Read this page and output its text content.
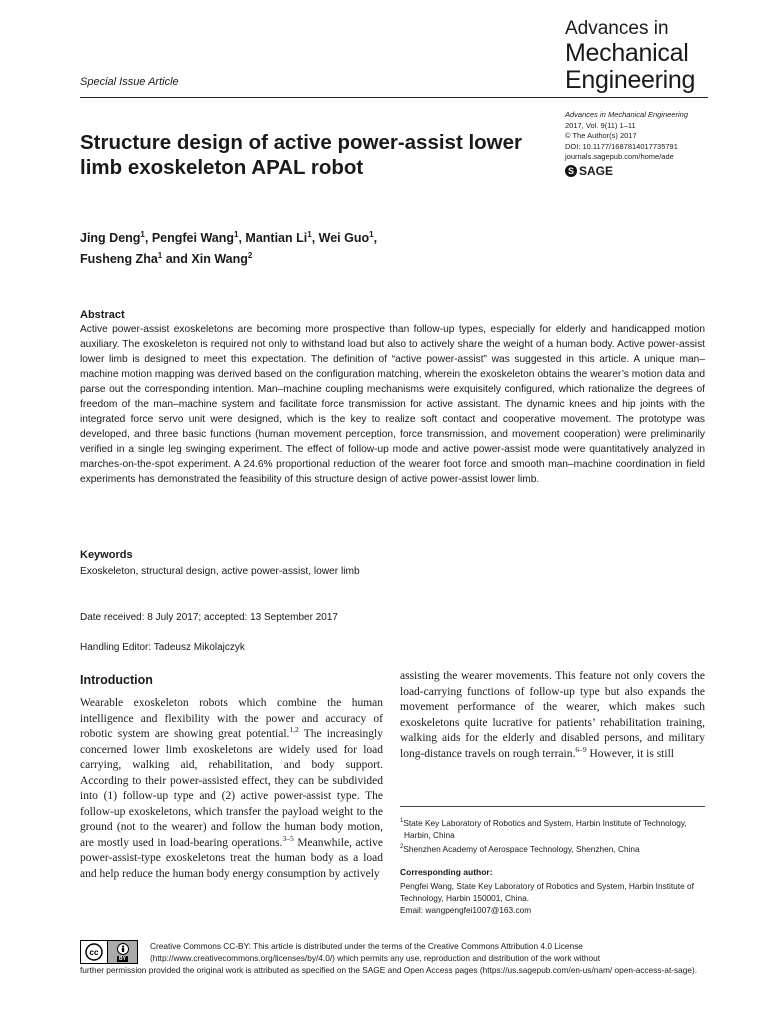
Advances in
Mechanical
Engineering
Special Issue Article
Advances in Mechanical Engineering
2017, Vol. 9(11) 1–11
© The Author(s) 2017
DOI: 10.1177/1687814017735791
journals.sagepub.com/home/ade
S SAGE
Structure design of active power-assist lower limb exoskeleton APAL robot
Jing Deng$^1$, Pengfei Wang$^1$, Mantian Li$^1$, Wei Guo$^1$,
Fusheng Zha$^1$ and Xin Wang$^2$
Abstract
Active power-assist exoskeletons are becoming more prospective than follow-up types, especially for elderly and handicapped motion auxiliary. The exoskeleton is required not only to withstand load but also to actively share the weight of a human body. Active power-assist lower limb is designed to meet this expectation. The definition of “active power-assist” was suggested in this article. A unique man–machine motion mapping was derived based on the configuration matching, wherein the exoskeleton obtains the wearer’s motion data and parse out the corresponding intention. Man–machine coupling mechanisms were exquisitely configured, which rationalize the degrees of freedom of the man–machine system and facilitate force transmission for active assistant. The dynamic knees and hip joints with the integrated force servo unit were designed, which is the key to realize soft contact and cooperative movement. The prototype was developed, and three basic functions (human movement perception, force transmission, and movement cooperation) were preliminarily verified in a single leg swinging experiment. The effect of follow-up mode and active power-assist mode were quantitatively analyzed in marches-on-the-spot experiment. A 24.6% proportional reduction of the wearer foot force and smooth man–machine coordination in field experiments has demonstrated the feasibility of this structure design of active power-assist lower limb.
Keywords
Exoskeleton, structural design, active power-assist, lower limb
Date received: 8 July 2017; accepted: 13 September 2017
Handling Editor: Tadeusz Mikolajczyk
Introduction
Wearable exoskeleton robots which combine the human intelligence and flexibility with the power and accuracy of robotic system are showing great potential.$^{1,2}$ The increasingly concerned lower limb exoskeletons are widely used for load carrying, walking aid, rehabilitation, and body support. According to their power-assisted effect, they can be subdivided into (1) follow-up type and (2) active power-assist type. The follow-up exoskeletons, which transfer the payload weight to the ground (not to the wearer) and follow the human body motion, are mostly used in load-bearing operations.$^{3-5}$ Meanwhile, active power-assist-type exoskeletons treat the human body as a load and help reduce the human body energy consumption by actively
assisting the wearer movements. This feature not only covers the load-carrying functions of follow-up type but also expands the movement performance of the wearer, which makes such exoskeletons quite lucrative for patients’ rehabilitation training, walking aids for the elderly and disabled persons, and military long-distance travels on rough terrain.$^{6-9}$ However, it is still
$^1$State Key Laboratory of Robotics and System, Harbin Institute of Technology, Harbin, China
$^2$Shenzhen Academy of Aerospace Technology, Shenzhen, China
Corresponding author:
Pengfei Wang, State Key Laboratory of Robotics and System, Harbin Institute of Technology, Harbin 150001, China.
Email: wangpengfei1007@163.com
Creative Commons CC-BY: This article is distributed under the terms of the Creative Commons Attribution 4.0 License
(http://www.creativecommons.org/licenses/by/4.0/) which permits any use, reproduction and distribution of the work without
further permission provided the original work is attributed as specified on the SAGE and Open Access pages (https://us.sagepub.com/en-us/nam/ open-access-at-sage).
cc
BY
